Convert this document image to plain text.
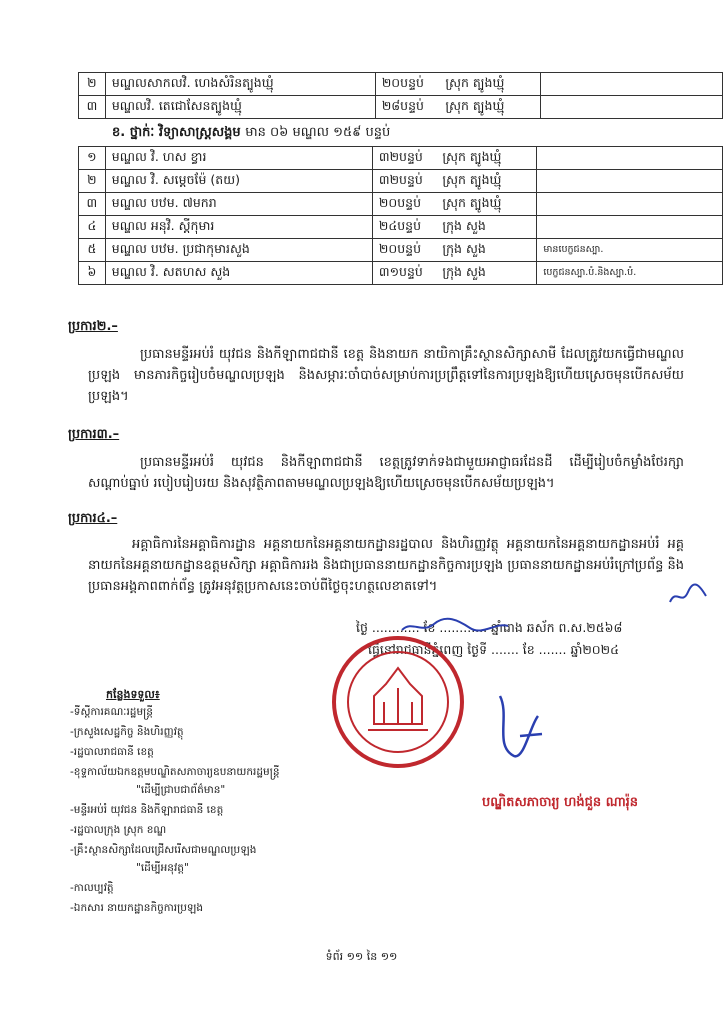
២	មណ្ឌលសាកលវិ. ហេងសំរិនត្បូងឃ្មុំ	២០បន្ទប់	ស្រុក ត្បូងឃ្មុំ	
៣	មណ្ឌលវិ. តេជោសែនត្បូងឃ្មុំ	២៨បន្ទប់	ស្រុក ត្បូងឃ្មុំ	
ខ. ថ្នាក់ៈ វិទ្យាសាស្ត្រសង្គម មាន ០៦ មណ្ឌល ១៥៩ បន្ទប់
១	មណ្ឌល វិ. ហស ខ្វារ	៣២បន្ទប់	ស្រុក ត្បូងឃ្មុំ	
២	មណ្ឌល វិ. សម្តេចម៉ែ (តយ)	៣២បន្ទប់	ស្រុក ត្បូងឃ្មុំ	
៣	មណ្ឌល បឋម. ៧មករា	២០បន្ទប់	ស្រុក ត្បូងឃ្មុំ	
៤	មណ្ឌល អនុវិ. ស្តីកុមារ	២៤បន្ទប់	ក្រុង សួង	
៥	មណ្ឌល បឋម. ប្រជាកុមារសួង	២០បន្ទប់	ក្រុង សួង	មានបេក្ខជនស្បា.
៦	មណ្ឌល វិ. សតហស សួង	៣១បន្ទប់	ក្រុង សួង	បេក្ខជនស្បា.បំ.និងស្បា.បំ.
ប្រការ២.–
ប្រធានមន្ទីរអប់រំ យុវជន និងកីឡាពាជជានី ខេត្ត និងនាយក នាយិកាគ្រឹះស្ថានសិក្សាសាមី ដែលត្រូវយកធ្វើជាមណ្ឌលប្រឡង មានភារកិច្ចរៀបចំមណ្ឌលប្រឡង និងសម្ភារៈចាំបាច់សម្រាប់ការប្រព្រឹត្តទៅនៃការប្រឡងឱ្យហើយស្រេចមុនបើកសម័យប្រឡង។
ប្រការ៣.–
ប្រធានមន្ទីរអប់រំ យុវជន និងកីឡាពាជជានី ខេត្តត្រូវទាក់ទងជាមួយអាជ្ញាធរដែនដី ដើម្បីរៀបចំកម្លាំងថែរក្សាសណ្តាប់ធ្នាប់ របៀបរៀបរយ និងសុវត្ថិភាពតាមមណ្ឌលប្រឡងឱ្យហើយស្រេចមុនបើកសម័យប្រឡង។
ប្រការ៤.–
អគ្គាធិការនៃអគ្គាធិការដ្ឋាន អគ្គនាយកនៃអគ្គនាយកដ្ឋានរដ្ឋបាល និងហិរញ្ញវត្ថុ អគ្គនាយកនៃអគ្គនាយកដ្ឋានអប់រំ អគ្គនាយកនៃអគ្គនាយកដ្ឋានឧត្តមសិក្សា អគ្គាធិការរង និងជាប្រធាននាយកដ្ឋានកិច្ចការប្រឡង ប្រធាននាយកដ្ឋានអប់រំក្រៅប្រព័ន្ធ និងប្រធានអង្គភាពពាក់ព័ន្ធ ត្រូវអនុវត្តប្រកាសនេះចាប់ពីថ្ងៃចុះហត្ថលេខាតទៅ។
ថ្ងៃ ............ ខែ ............ ឆ្នាំរោង ឆស័ក ព.ស.២៥៦៨
ធ្វើនៅរាជធានីភ្នំពេញ ថ្ងៃទី ....... ខែ ....... ឆ្នាំ២០២៤
បណ្ឌិតសភាចារ្យ ហង់ជួន ណារ៉ុន
កន្លែងទទួល៖
-ទីស្តីការគណៈរដ្ឋមន្ត្រី
-ក្រសួងសេដ្ឋកិច្ច និងហិរញ្ញវត្ថុ
-រដ្ឋបាលរាជធានី ខេត្ត
-ខុទ្ទកាល័យឯកឧត្តមបណ្ឌិតសភាចារ្យឧបនាយករដ្ឋមន្ត្រី
"ដើម្បីជ្រាបជាព័ត៌មាន"
-មន្ទីរអប់រំ យុវជន និងកីឡារាជធានី ខេត្ត
-រដ្ឋបាលក្រុង ស្រុក ខណ្ឌ
-គ្រឹះស្ថានសិក្សាដែលជ្រើសរើសជាមណ្ឌលប្រឡង
"ដើម្បីអនុវត្ត"
-កាលប្បវត្តិ
-ឯកសារ នាយកដ្ឋានកិច្ចការប្រឡង
ទំព័រ ១១ នៃ ១១
